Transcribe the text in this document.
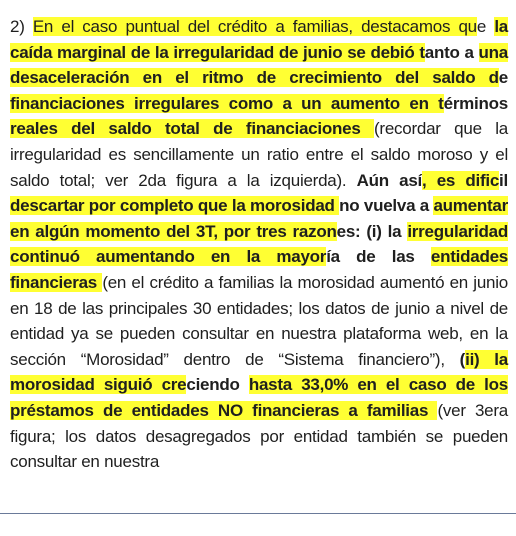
2) En el caso puntual del crédito a familias, destacamos que la caída marginal de la irregularidad de junio se debió tanto a una desaceleración en el ritmo de crecimiento del saldo de financiaciones irregulares como a un aumento en términos reales del saldo total de financiaciones (recordar que la irregularidad es sencillamente un ratio entre el saldo moroso y el saldo total; ver 2da figura a la izquierda). Aún así, es dificil descartar por completo que la morosidad no vuelva a aumentar en algún momento del 3T, por tres razones: (i) la irregularidad continuó aumentando en la mayoría de las entidades financieras (en el crédito a familias la morosidad aumentó en junio en 18 de las principales 30 entidades; los datos de junio a nivel de entidad ya se pueden consultar en nuestra plataforma web, en la sección “Morosidad” dentro de “Sistema financiero”), (ii) la morosidad siguió creciendo hasta 33,0% en el caso de los préstamos de entidades NO financieras a familias (ver 3era figura; los datos desagregados por entidad también se pueden consultar en nuestra
